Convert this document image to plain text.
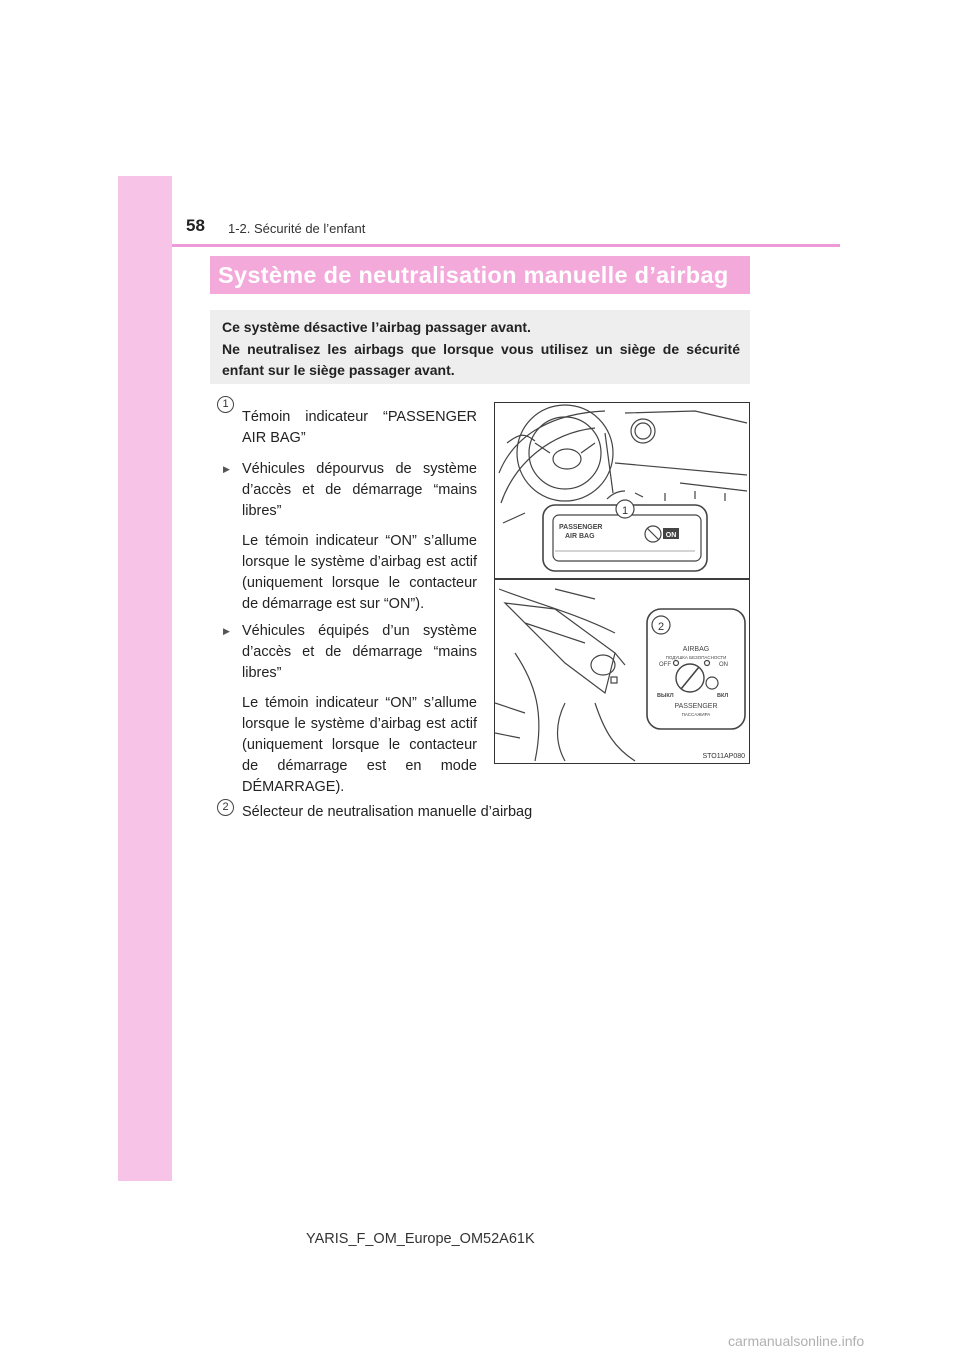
58 1-2. Sécurité de l’enfant
Système de neutralisation manuelle d’airbag

Ce système désactive l’airbag passager avant.

Ne neutralisez les airbags que lorsque vous utilisez un siège de sécurité enfant sur le siège passager avant.

1

Témoin indicateur “PASSENGER AIR BAG”

▶ Véhicules dépourvus de système d’accès et de démarrage “mains libres”
Le témoin indicateur “ON” s’allume lorsque le système d’airbag est actif (uniquement lorsque le contacteur de démarrage est sur “ON”).
▶ Véhicules équipés d’un système d’accès et de démarrage “mains libres”
Le témoin indicateur “ON” s’allume lorsque le système d’airbag est actif (uniquement lorsque le contacteur de démarrage est en mode DÉMARRAGE).
2 Sélecteur de neutralisation manuelle d’airbag
1
2
PASSENGER
AIR BAG	ON
AIRBAG
ПОДУШКА БЕЗОПАСНОСТИ
OFF	ON
ВЫКЛ	ВКЛ
PASSENGER
ПАССАЖИРА
STO11AP080
YARIS_F_OM_Europe_OM52A61K
carmanualsonline.info
